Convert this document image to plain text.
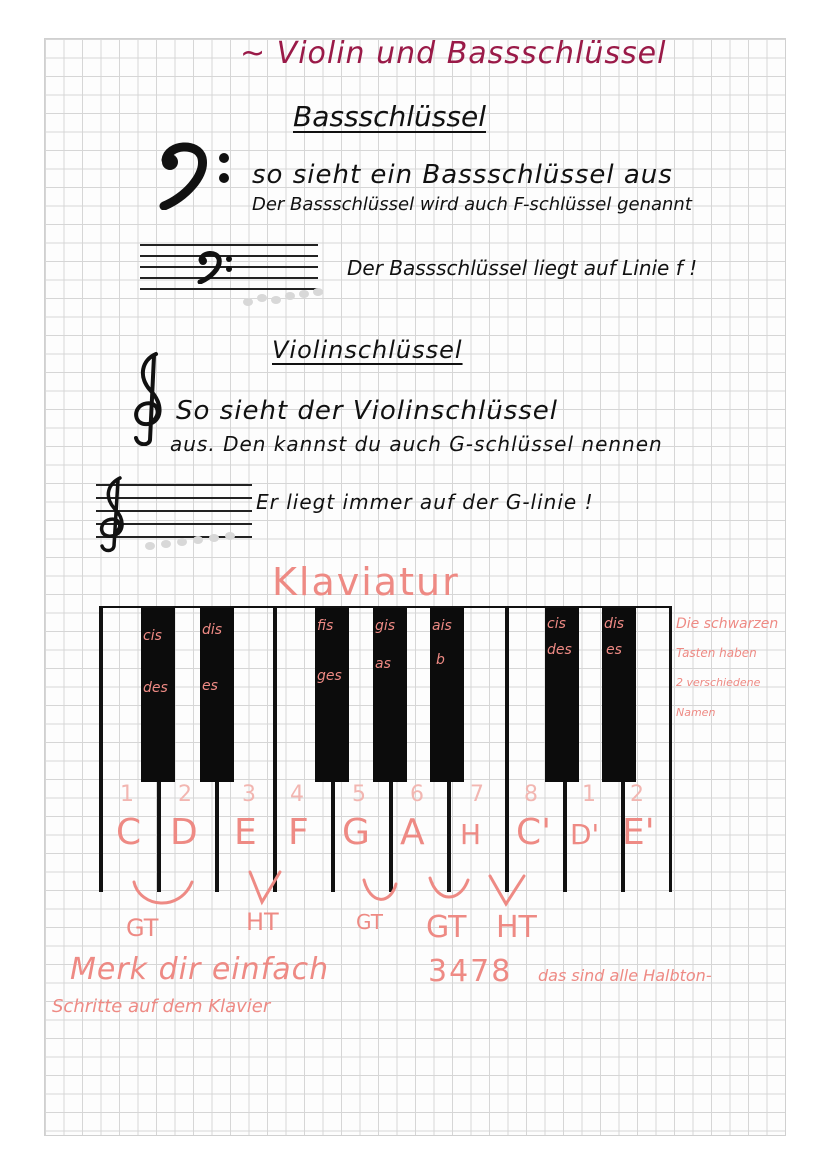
~ Violin und Bassschlüssel
Bassschlüssel
so sieht ein Bassschlüssel aus
Der Bassschlüssel wird auch F-schlüssel genannt
Der Bassschlüssel liegt auf Linie f !
Violinschlüssel
So sieht der Violinschlüssel
aus. Den kannst du auch G-schlüssel nennen
Er liegt immer auf der G-linie !
Klaviatur
cis
des
dis
es
fis
ges
gis
as
ais
b
cis
des
dis
es
1 2 3 4 5 6 7 8 1 2
C D E F G A H C' D' E'
Die schwarzen
Tasten haben
2 verschiedene
Namen
GT	HT	GT GT HT
Merk dir einfach	3478 das sind alle Halbton-
Schritte auf dem Klavier
